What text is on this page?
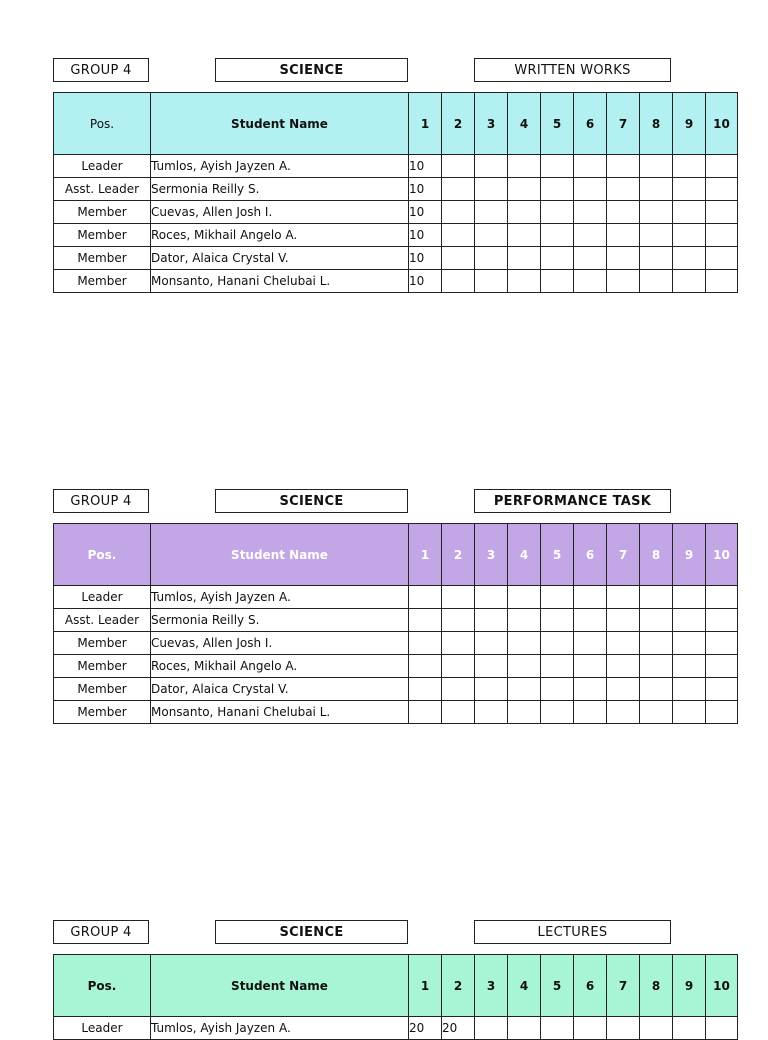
GROUP 4	SCIENCE	WRITTEN WORKS
Pos.	Student Name	1	2	3	4	5	6	7	8	9	10
Leader	Tumlos, Ayish Jayzen A.	10									
Asst. Leader	Sermonia Reilly S.	10									
Member	Cuevas, Allen Josh I.	10									
Member	Roces, Mikhail Angelo A.	10									
Member	Dator, Alaica Crystal V.	10									
Member	Monsanto, Hanani Chelubai L.	10									
GROUP 4	SCIENCE	PERFORMANCE TASK
Pos.	Student Name	1	2	3	4	5	6	7	8	9	10
Leader	Tumlos, Ayish Jayzen A.										
Asst. Leader	Sermonia Reilly S.										
Member	Cuevas, Allen Josh I.										
Member	Roces, Mikhail Angelo A.										
Member	Dator, Alaica Crystal V.										
Member	Monsanto, Hanani Chelubai L.										
GROUP 4	SCIENCE	LECTURES
Pos.	Student Name	1	2	3	4	5	6	7	8	9	10
Leader	Tumlos, Ayish Jayzen A.	20	20								
